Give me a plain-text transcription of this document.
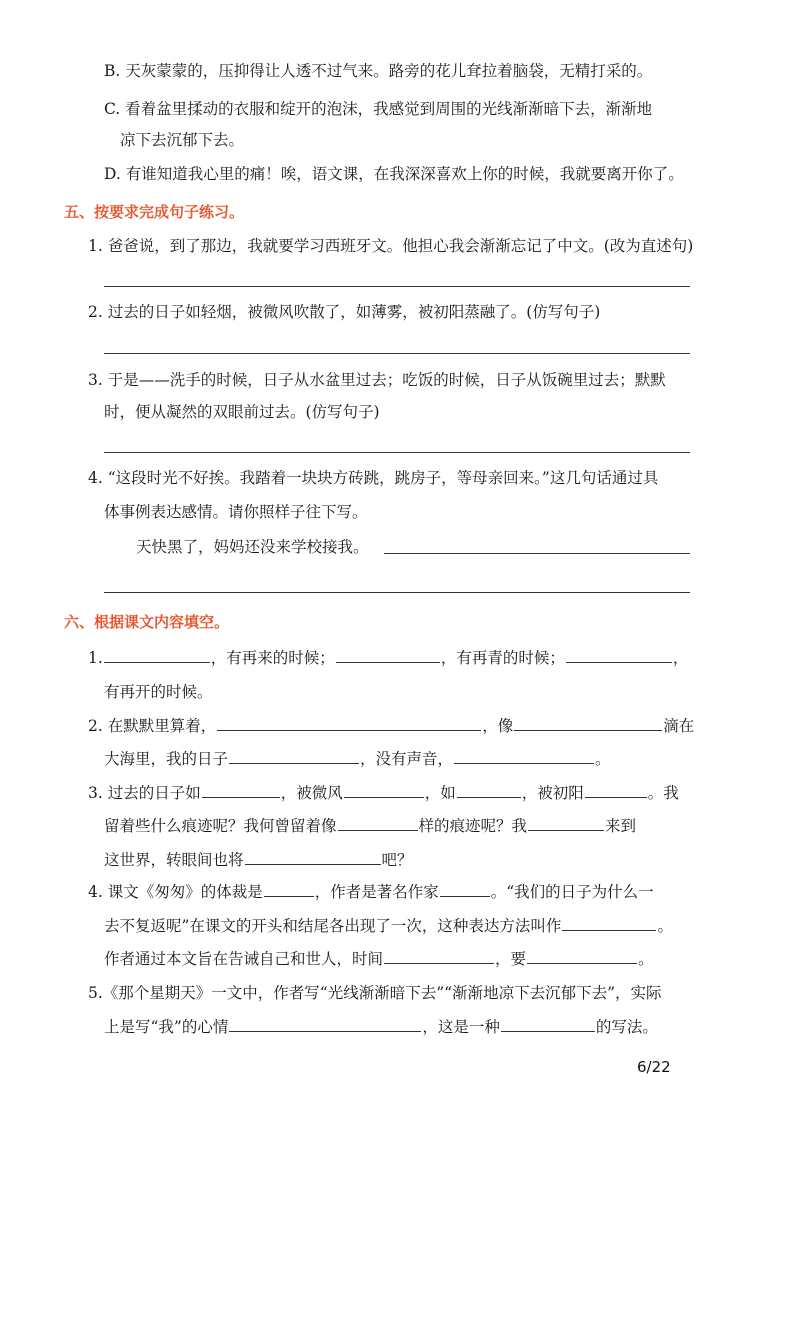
B. 天灰蒙蒙的，压抑得让人透不过气来。路旁的花儿耷拉着脑袋，无精打采的。
C. 看着盆里揉动的衣服和绽开的泡沫，我感觉到周围的光线渐渐暗下去，渐渐地
凉下去沉郁下去。
D. 有谁知道我心里的痛！唉，语文课，在我深深喜欢上你的时候，我就要离开你了。
五、按要求完成句子练习。
1. 爸爸说，到了那边，我就要学习西班牙文。他担心我会渐渐忘记了中文。(改为直述句)
2. 过去的日子如轻烟，被微风吹散了，如薄雾，被初阳蒸融了。(仿写句子)
3. 于是——洗手的时候，日子从水盆里过去；吃饭的时候，日子从饭碗里过去；默默
时，便从凝然的双眼前过去。(仿写句子)
4. “这段时光不好挨。我踏着一块块方砖跳，跳房子，等母亲回来。”这几句话通过具
体事例表达感情。请你照样子往下写。
天快黑了，妈妈还没来学校接我。
六、根据课文内容填空。
1.	，有再来的时候；	，有再青的时候；	，
有再开的时候。
2. 在默默里算着，	，像	滴在
大海里，我的日子	，没有声音，	。
3. 过去的日子如	，被微风	，如	，被初阳	。我
留着些什么痕迹呢？我何曾留着像	样的痕迹呢？我	来到
这世界，转眼间也将	吧？
4. 课文《匆匆》的体裁是	，作者是著名作家	。“我们的日子为什么一
去不复返呢”在课文的开头和结尾各出现了一次，这种表达方法叫作	。
作者通过本文旨在告诫自己和世人，时间	，要	。
5.《那个星期天》一文中，作者写“光线渐渐暗下去”“渐渐地凉下去沉郁下去”，实际
上是写“我”的心情	，这是一种	的写法。
6/22
